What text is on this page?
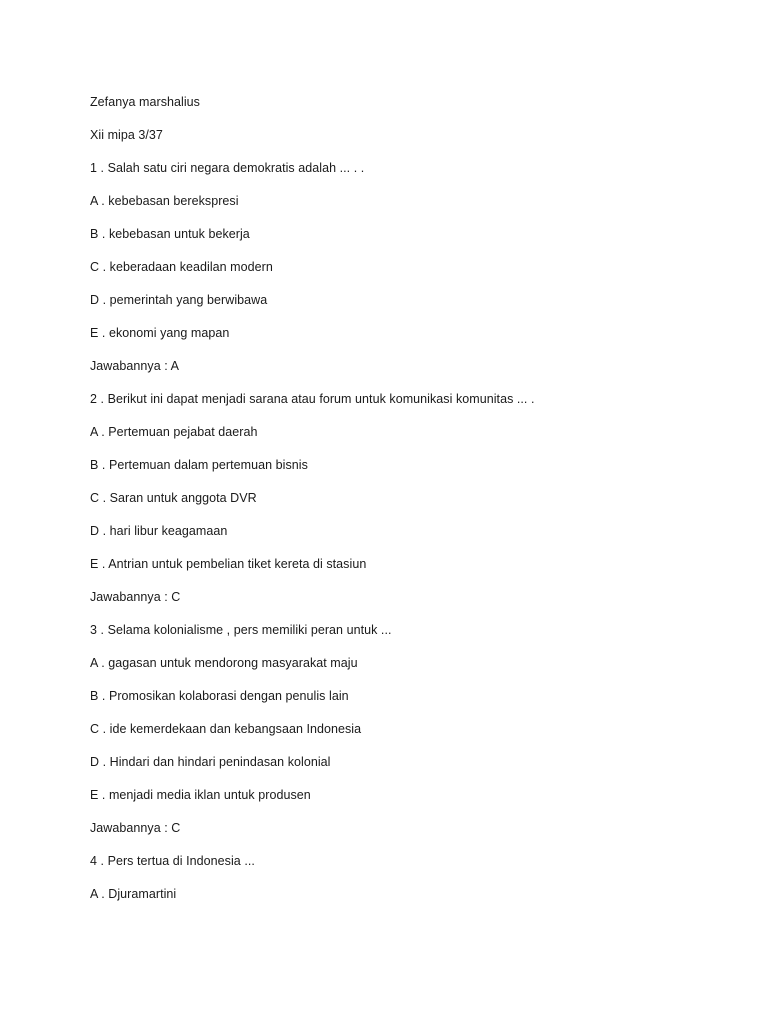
Zefanya marshalius
Xii mipa 3/37
1 . Salah satu ciri negara demokratis adalah ... . .
A . kebebasan berekspresi
B . kebebasan untuk bekerja
C . keberadaan keadilan modern
D . pemerintah yang berwibawa
E . ekonomi yang mapan
Jawabannya : A
2 . Berikut ini dapat menjadi sarana atau forum untuk komunikasi komunitas ... .
A . Pertemuan pejabat daerah
B . Pertemuan dalam pertemuan bisnis
C . Saran untuk anggota DVR
D . hari libur keagamaan
E . Antrian untuk pembelian tiket kereta di stasiun
Jawabannya : C
3 . Selama kolonialisme , pers memiliki peran untuk ...
A . gagasan untuk mendorong masyarakat maju
B . Promosikan kolaborasi dengan penulis lain
C . ide kemerdekaan dan kebangsaan Indonesia
D . Hindari dan hindari penindasan kolonial
E . menjadi media iklan untuk produsen
Jawabannya : C
4 . Pers tertua di Indonesia ...
A . Djuramartini
